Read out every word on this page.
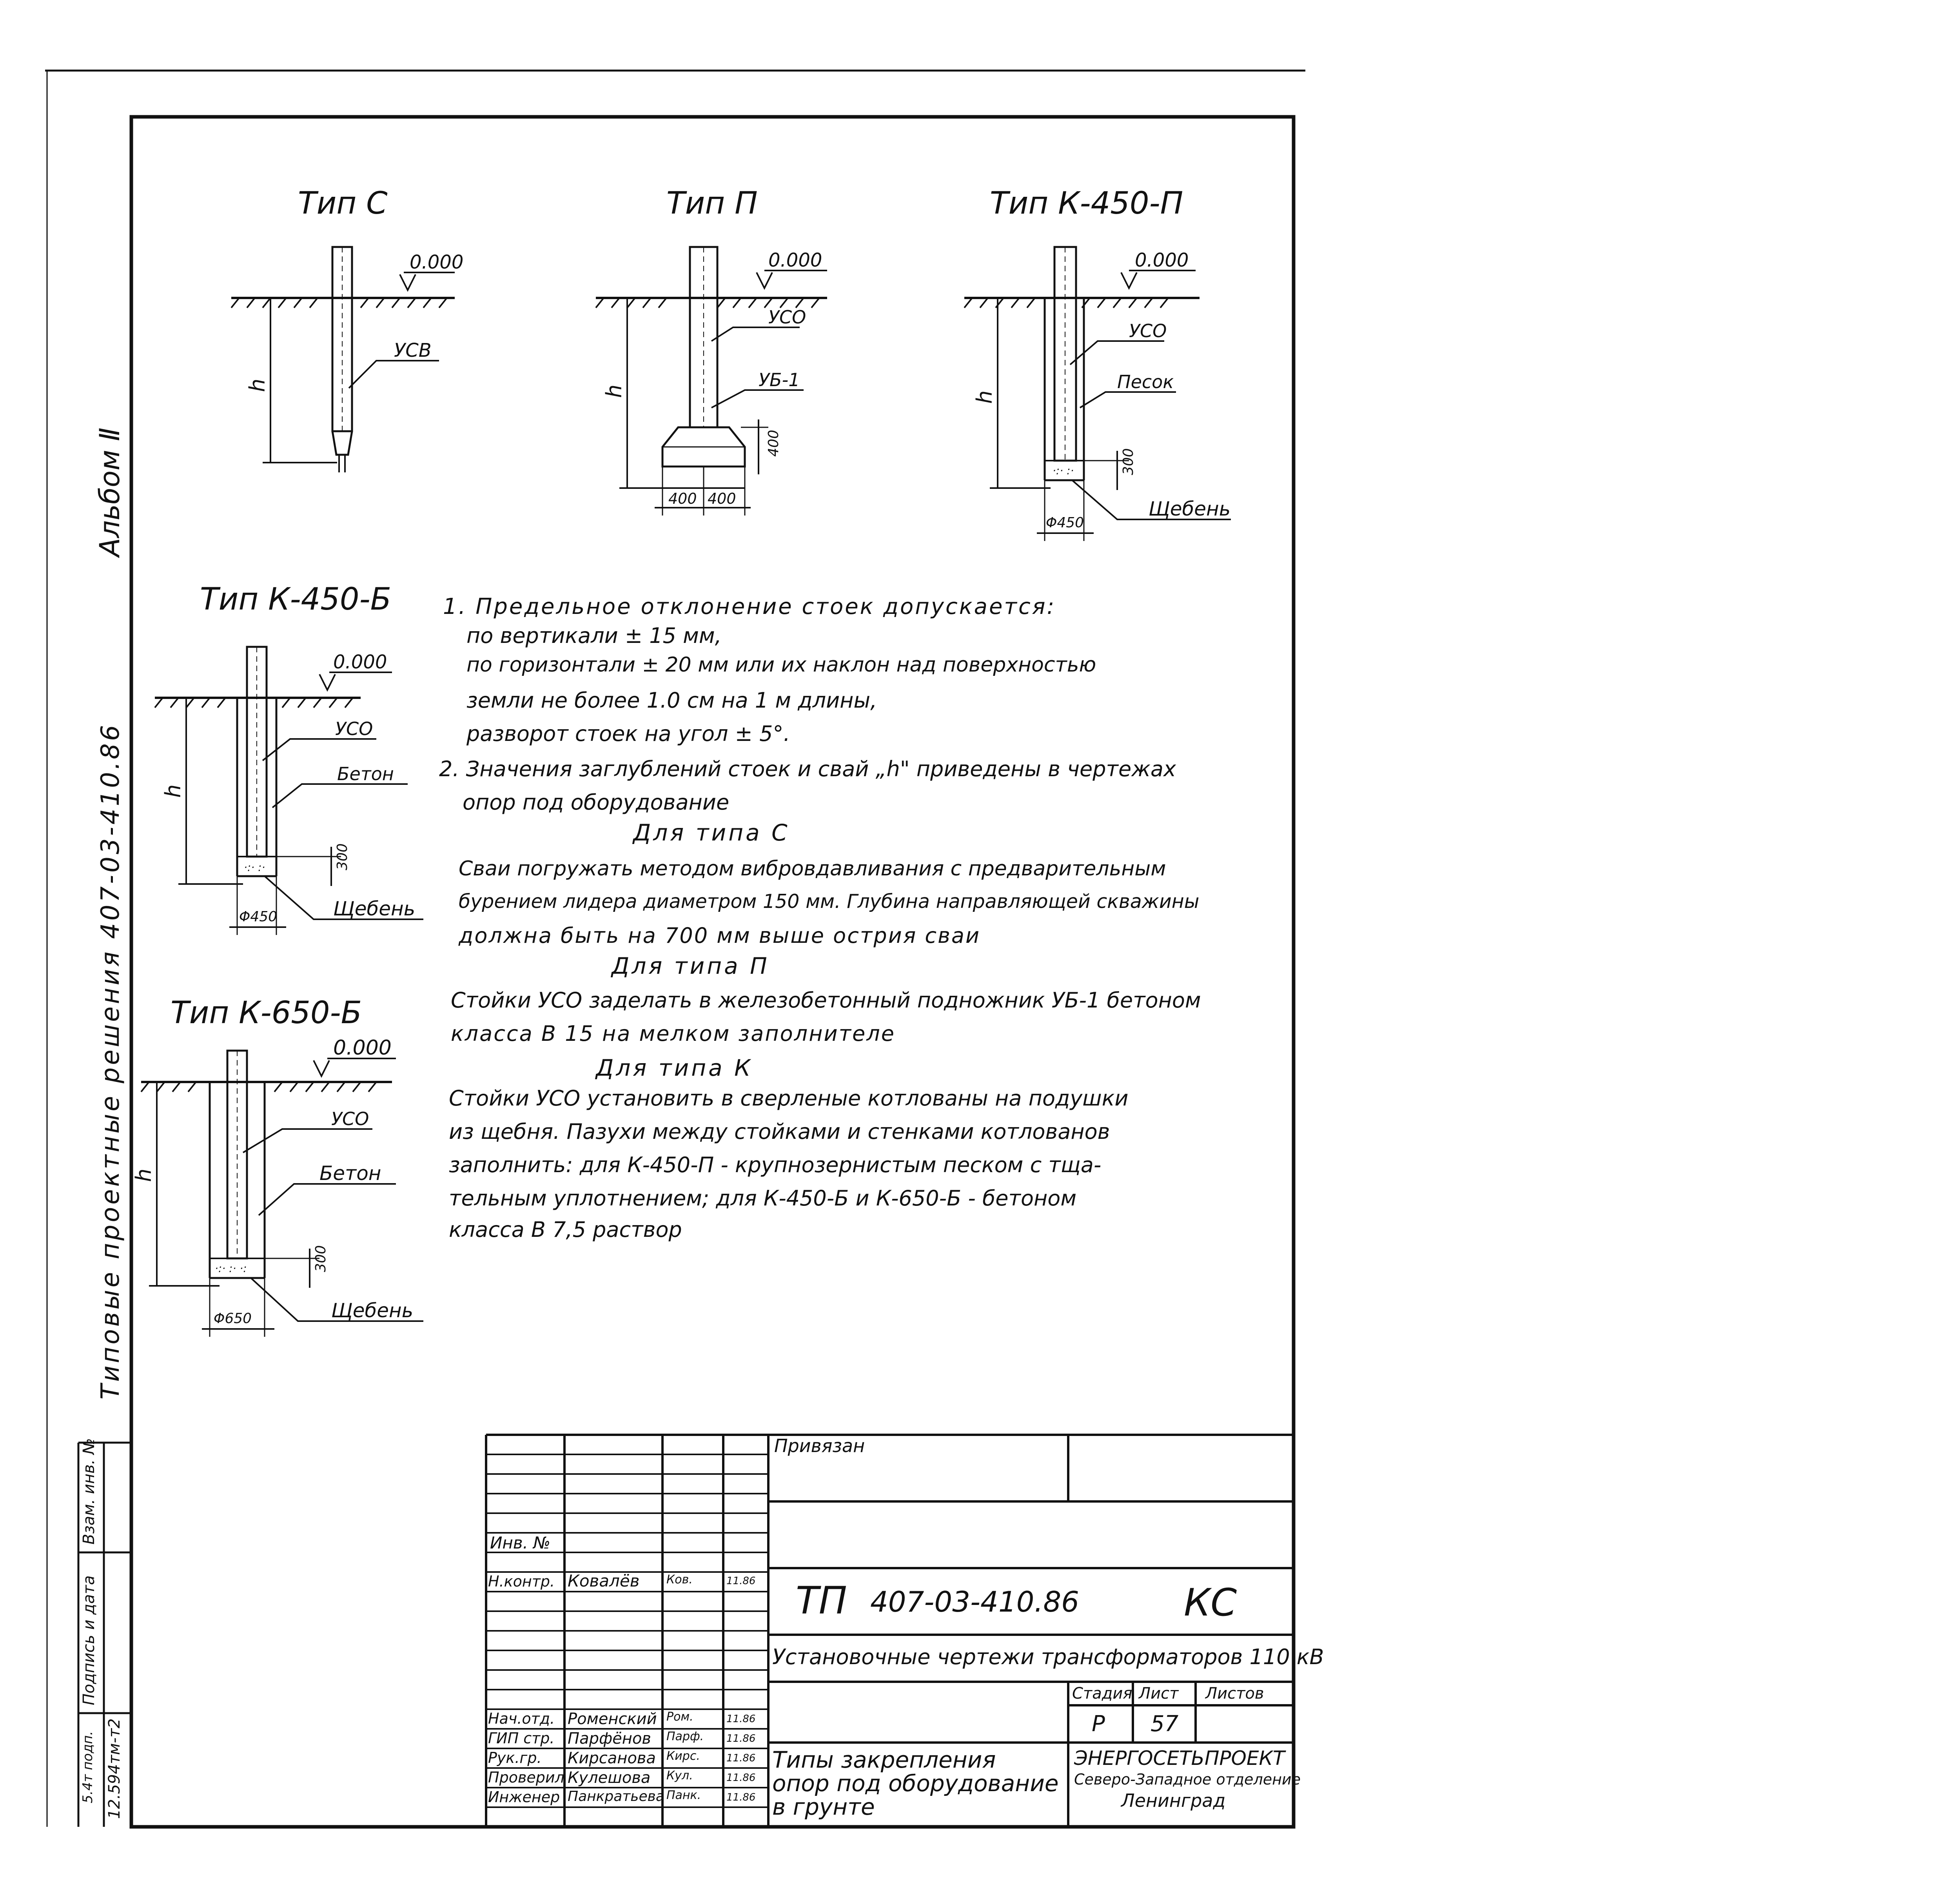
Взам. инв. №
Подпись и дата
5.4т подп. 12.594тм-т2
Альбом Ⅱ
Типовые проектные решения 407-03-410.86
Тип С
0.000
h
УСВ
Тип П
0.000
h
УСО
УБ-1
400
400 400
Тип К-450-П
·:· :·
0.000
h
УСО
Песок
300
Φ450
Щебень
Тип К-450-Б
·:· :·
0.000
h
УСО
Бетон
300
Φ450	Щебень
Тип К-650-Б
·:· :· ·:
0.000
h
УСО
Бетон
300
Φ650	Щебень
1. Предельное отклонение стоек допускается:
по вертикали ± 15 мм,
по горизонтали ± 20 мм или их наклон над поверхностью
земли не более 1.0 см на 1 м длины,
разворот стоек на угол ± 5°.
2. Значения заглублений стоек и свай „h" приведены в чертежах
опор под оборудование
Для типа С
Сваи погружать методом вибровдавливания с предварительным
бурением лидера диаметром 150 мм. Глубина направляющей скважины
должна быть на 700 мм выше острия сваи
Для типа П
Стойки УСО заделать в железобетонный подножник УБ-1 бетоном
класса В 15 на мелком заполнителе
Для типа К
Стойки УСО установить в сверленые котлованы на подушки
из щебня. Пазухи между стойками и стенками котлованов
заполнить: для К-450-П - крупнозернистым песком с тща-
тельным уплотнением; для К-450-Б и К-650-Б - бетоном
класса В 7,5 раствор
Привязан
Инв. №
Н.контр. Ковалёв Ков.	11.86
Нач.отд. Роменский Ром.	11.86
ГИП стр. Парфёнов Парф. 11.86
Рук.гр. Кирсанова Кирс.	11.86
Проверил Кулешова Кул.	11.86
Инженер Панкратьева Панк. 11.86
ТП 407-03-410.86	КС
Установочные чертежи трансформаторов 110 кВ
Стадия Лист Листов
Р 57
Типы закрепления
опор под оборудование
в грунте
ЭНЕРГОСЕТЬПРОЕКТ
Северо-Западное отделение
Ленинград
